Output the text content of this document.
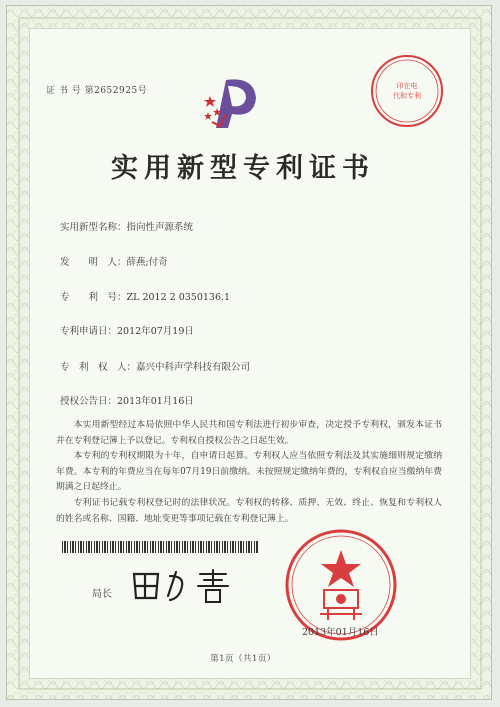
证 书 号 第2652925号	印在电
代和专利
实用新型专利证书
实用新型名称：指向性声源系统
发　　明　人：薛燕;付奇
专　　利　号：ZL 2012 2 0350136.1
专利申请日：2012年07月19日
专　利　权　人：嘉兴中科声学科技有限公司
授权公告日：2013年01月16日
本实用新型经过本局依照中华人民共和国专利法进行初步审查，决定授予专利权，颁发本证书并在专利登记簿上予以登记。专利权自授权公告之日起生效。
本专利的专利权期限为十年，自申请日起算。专利权人应当依照专利法及其实施细则规定缴纳年费。本专利的年费应当在每年07月19日前缴纳。未按照规定缴纳年费的，专利权自应当缴纳年费期满之日起终止。
专利证书记载专利权登记时的法律状况。专利权的转移、质押、无效、终止、恢复和专利权人的姓名或名称、国籍、地址变更等事项记载在专利登记簿上。
局长
2013年01月16日
第1页（共1页）
